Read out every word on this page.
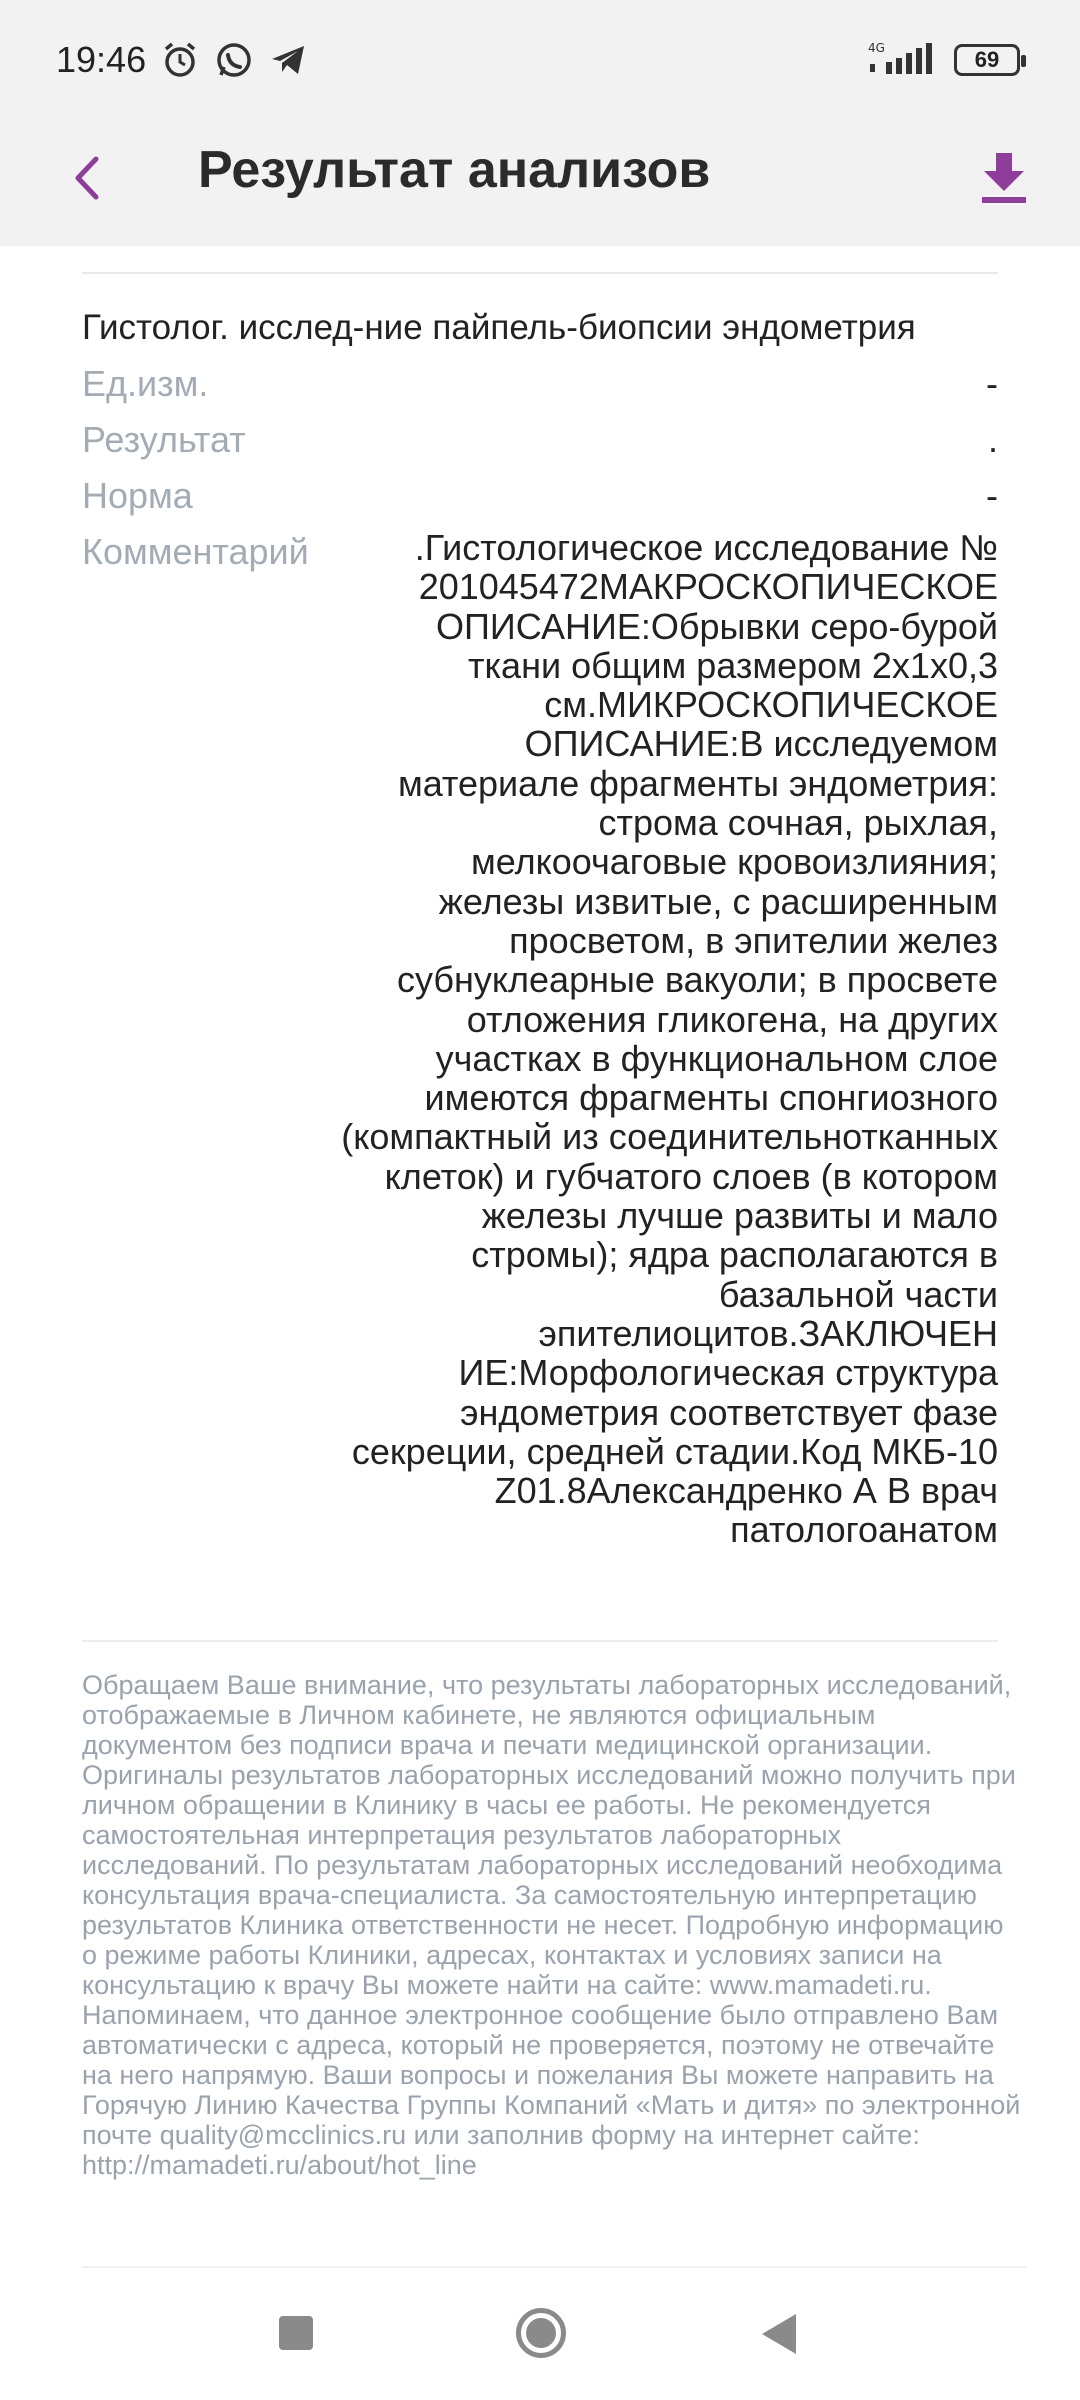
19:46	4G	69
Результат анализов
Гистолог. исслед-ние пайпель-биопсии эндометрия
Ед.изм.	-
Результат	.
Норма	-
Комментарий	.Гистологическое исследование № 201045472МАКРОСКОПИЧЕСКОЕ ОПИСАНИЕ:Обрывки серо-бурой ткани общим размером 2х1х0,3 см.МИКРОСКОПИЧЕСКОЕ ОПИСАНИЕ:В исследуемом материале фрагменты эндометрия: строма сочная, рыхлая, мелкоочаговые кровоизлияния; железы извитые, с расширенным просветом, в эпителии желез субнуклеарные вакуоли; в просвете отложения гликогена, на других участках в функциональном слое имеются фрагменты спонгиозного (компактный из соединительнотканных клеток) и губчатого слоев (в котором железы лучше развиты и мало стромы); ядра располагаются в базальной части эпителиоцитов.ЗАКЛЮЧЕН ИЕ:Морфологическая структура эндометрия соответствует фазе секреции, средней стадии.Код МКБ-10 Z01.8Александренко А В врач патологоанатом
Обращаем Ваше внимание, что результаты лабораторных исследований, отображаемые в Личном кабинете, не являются официальным документом без подписи врача и печати медицинской организации. Оригиналы результатов лабораторных исследований можно получить при личном обращении в Клинику в часы ее работы. Не рекомендуется самостоятельная интерпретация результатов лабораторных исследований. По результатам лабораторных исследований необходима консультация врача-специалиста. За самостоятельную интерпретацию результатов Клиника ответственности не несет. Подробную информацию о режиме работы Клиники, адресах, контактах и условиях записи на консультацию к врачу Вы можете найти на сайте: www.mamadeti.ru. Напоминаем, что данное электронное сообщение было отправлено Вам автоматически с адреса, который не проверяется, поэтому не отвечайте на него напрямую. Ваши вопросы и пожелания Вы можете направить на Горячую Линию Качества Группы Компаний «Мать и дитя» по электронной почте quality@mcclinics.ru или заполнив форму на интернет сайте: http://mamadeti.ru/about/hot_line
